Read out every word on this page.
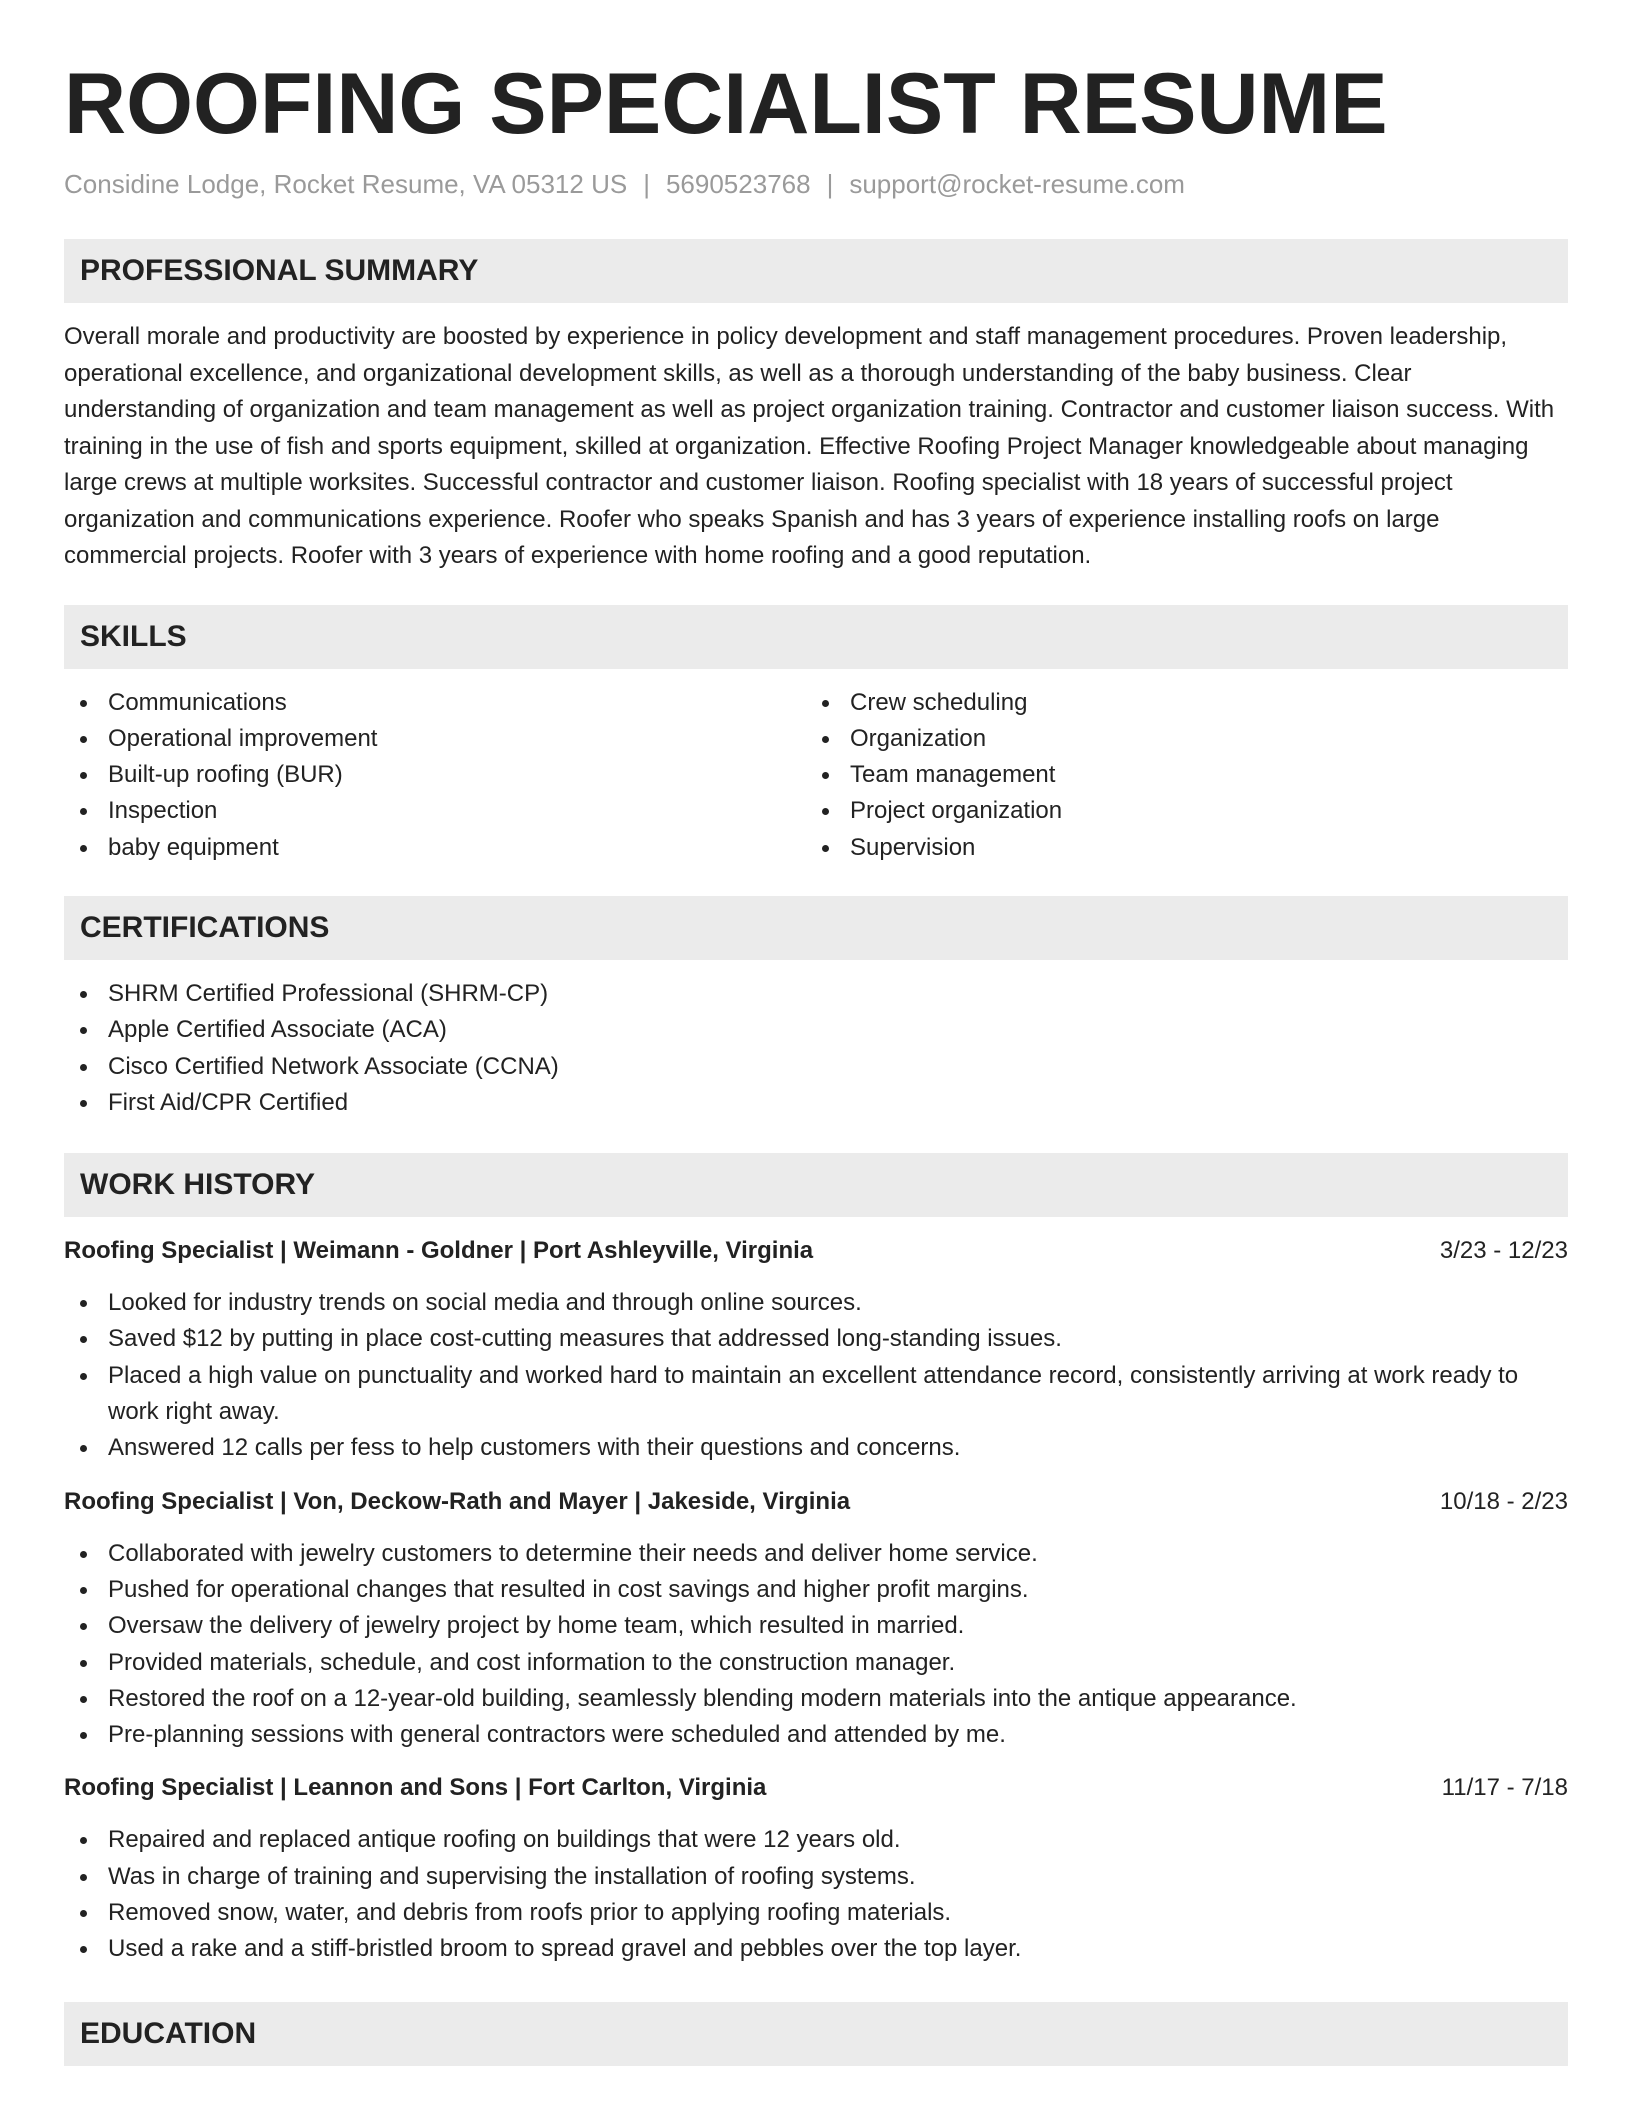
ROOFING SPECIALIST RESUME
Considine Lodge, Rocket Resume, VA 05312 US | 5690523768 | support@rocket-resume.com
PROFESSIONAL SUMMARY
Overall morale and productivity are boosted by experience in policy development and staff management procedures. Proven leadership, operational excellence, and organizational development skills, as well as a thorough understanding of the baby business. Clear understanding of organization and team management as well as project organization training. Contractor and customer liaison success. With training in the use of fish and sports equipment, skilled at organization. Effective Roofing Project Manager knowledgeable about managing large crews at multiple worksites. Successful contractor and customer liaison. Roofing specialist with 18 years of successful project organization and communications experience. Roofer who speaks Spanish and has 3 years of experience installing roofs on large commercial projects. Roofer with 3 years of experience with home roofing and a good reputation.
SKILLS
Communications
Operational improvement
Built-up roofing (BUR)
Inspection
baby equipment
Crew scheduling
Organization
Team management
Project organization
Supervision
CERTIFICATIONS
SHRM Certified Professional (SHRM-CP)
Apple Certified Associate (ACA)
Cisco Certified Network Associate (CCNA)
First Aid/CPR Certified
WORK HISTORY
Roofing Specialist | Weimann - Goldner | Port Ashleyville, Virginia	3/23 - 12/23
Looked for industry trends on social media and through online sources.
Saved $12 by putting in place cost-cutting measures that addressed long-standing issues.
Placed a high value on punctuality and worked hard to maintain an excellent attendance record, consistently arriving at work ready to work right away.
Answered 12 calls per fess to help customers with their questions and concerns.
Roofing Specialist | Von, Deckow-Rath and Mayer | Jakeside, Virginia	10/18 - 2/23
Collaborated with jewelry customers to determine their needs and deliver home service.
Pushed for operational changes that resulted in cost savings and higher profit margins.
Oversaw the delivery of jewelry project by home team, which resulted in married.
Provided materials, schedule, and cost information to the construction manager.
Restored the roof on a 12-year-old building, seamlessly blending modern materials into the antique appearance.
Pre-planning sessions with general contractors were scheduled and attended by me.
Roofing Specialist | Leannon and Sons | Fort Carlton, Virginia	11/17 - 7/18
Repaired and replaced antique roofing on buildings that were 12 years old.
Was in charge of training and supervising the installation of roofing systems.
Removed snow, water, and debris from roofs prior to applying roofing materials.
Used a rake and a stiff-bristled broom to spread gravel and pebbles over the top layer.
EDUCATION
